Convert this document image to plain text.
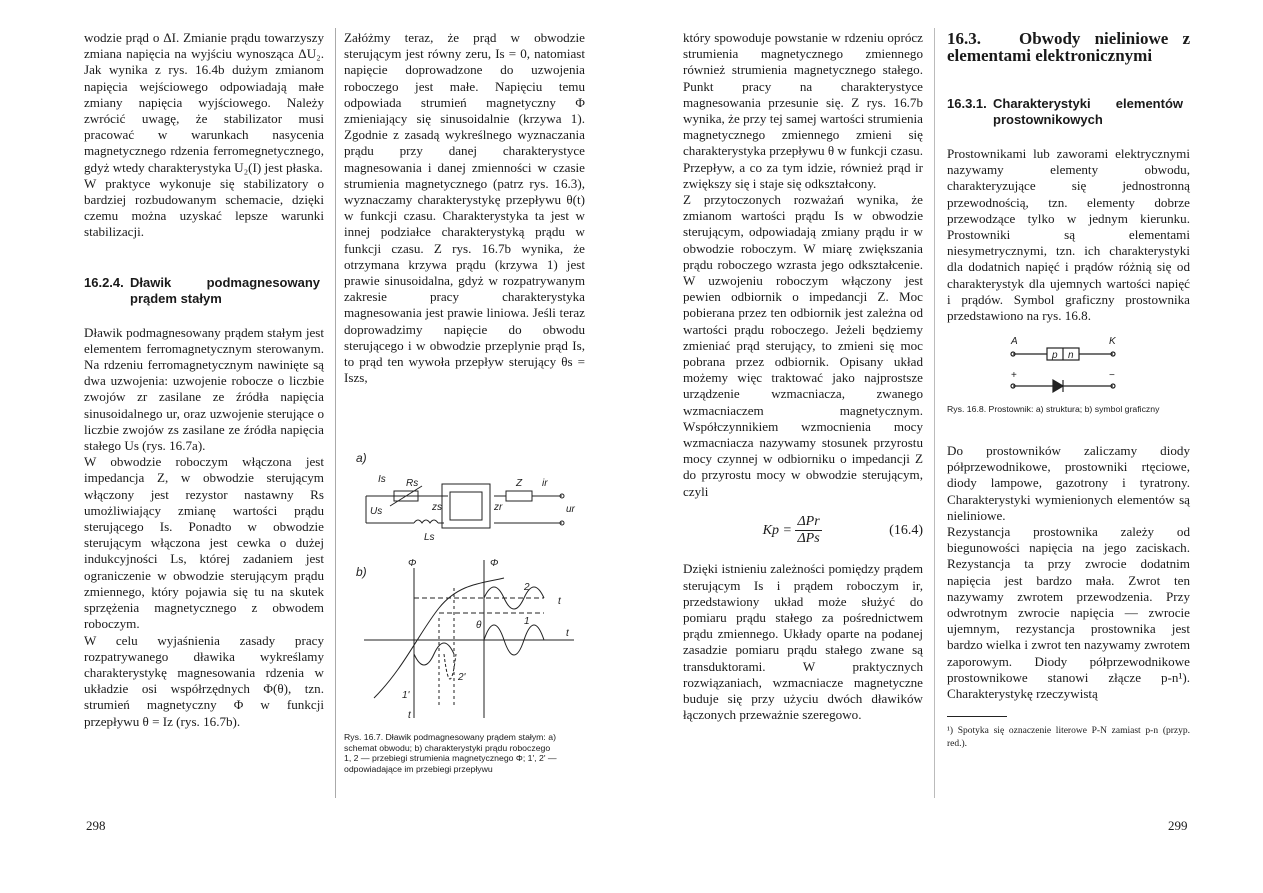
wodzie prąd o ΔI. Zmianie prądu towarzyszy zmiana napięcia na wyjściu wynosząca ΔU₂. Jak wynika z rys. 16.4b dużym zmianom napięcia wejściowego odpowiadają małe zmiany napięcia wyjściowego. Należy zwrócić uwagę, że stabilizator musi pracować w warunkach nasycenia magnetycznego rdzenia ferromegnetycznego, gdyż wtedy charakterystyka U₂(I) jest płaska.

W praktyce wykonuje się stabilizatory o bardziej rozbudowanym schemacie, dzięki czemu można uzyskać lepsze warunki stabilizacji.

16.2.4. Dławik podmagnesowany prądem stałym

Dławik podmagnesowany prądem stałym jest elementem ferromagnetycznym sterowanym. Na rdzeniu ferromagnetycznym nawinięte są dwa uzwojenia: uzwojenie robocze o liczbie zwojów zr zasilane ze źródła napięcia sinusoidalnego ur, oraz uzwojenie sterujące o liczbie zwojów zs zasilane ze źródła napięcia stałego Us (rys. 16.7a).

W obwodzie roboczym włączona jest impedancja Z, w obwodzie sterującym włączony jest rezystor nastawny Rs umożliwiający zmianę wartości prądu sterującego Is. Ponadto w obwodzie sterującym włączona jest cewka o dużej indukcyjności Ls, której zadaniem jest ograniczenie w obwodzie sterującym prądu zmiennego, który pojawia się tu na skutek sprzężenia magnetycznego z obwodem roboczym.

W celu wyjaśnienia zasady pracy rozpatrywanego dławika wykreślamy charakterystykę magnesowania rdzenia w układzie osi współrzędnych Φ(θ), tzn. strumień magnetyczny Φ w funkcji przepływu θ = Iz (rys. 16.7b).

Załóżmy teraz, że prąd w obwodzie sterującym jest równy zeru, Is = 0, natomiast napięcie doprowadzone do uzwojenia roboczego jest małe. Napięciu temu odpowiada strumień magnetyczny Φ zmieniający się sinusoidalnie (krzywa 1). Zgodnie z zasadą wykreślnego wyznaczania prądu przy danej charakterystyce magnesowania i danej zmienności w czasie strumienia magnetycznego (patrz rys. 16.3), wyznaczamy charakterystykę przepływu θ(t) w funkcji czasu. Charakterystyka ta jest w innej podziałce charakterystyką prądu w funkcji czasu. Z rys. 16.7b wynika, że otrzymana krzywa prądu (krzywa 1) jest prawie sinusoidalna, gdyż w rozpatrywanym zakresie pracy charakterystyka magnesowania jest prawie liniowa. Jeśli teraz doprowadzimy napięcie do obwodu sterującego i w obwodzie przeplynie prąd Is, to prąd ten wywoła przepływ sterujący θs = Iszs,

a)
b)
Is Rs	Z ir
Us	zs	zr	ur
Ls
Φ	Φ
θ
t
t
t
1
2
1'
2'
Rys. 16.7. Dławik podmagnesowany prądem stałym: a) schemat obwodu; b) charakterystyki prądu roboczego
1, 2 — przebiegi strumienia magnetycznego Φ; 1', 2' — odpowiadające im przebiegi przepływu
298

który spowoduje powstanie w rdzeniu oprócz strumienia magnetycznego zmiennego również strumienia magnetycznego stałego. Punkt pracy na charakterystyce magnesowania przesunie się. Z rys. 16.7b wynika, że przy tej samej wartości strumienia magnetycznego zmiennego zmieni się charakterystyka przepływu θ w funkcji czasu. Przepływ, a co za tym idzie, również prąd ir zwiększy się i staje się odkształcony.

Z przytoczonych rozważań wynika, że zmianom wartości prądu Is w obwodzie sterującym, odpowiadają zmiany prądu ir w obwodzie roboczym. W miarę zwiększania prądu roboczego wzrasta jego odkształcenie. W uzwojeniu roboczym włączony jest pewien odbiornik o impedancji Z. Moc pobierana przez ten odbiornik jest zależna od wartości prądu roboczego. Jeżeli będziemy zmieniać prąd sterujący, to zmieni się moc pobrana przez odbiornik. Opisany układ możemy więc traktować jako najprostsze urządzenie wzmacniacza, zwanego wzmacniaczem magnetycznym. Współczynnikiem wzmocnienia mocy wzmacniacza nazywamy stosunek przyrostu mocy czynnej w odbiorniku o impedancji Z do przyrostu mocy w obwodzie sterującym, czyli

$Kp = \frac{\text{ΔPr}}{\text{ΔPs}}$	(16.4)

Dzięki istnieniu zależności pomiędzy prądem sterującym Is i prądem roboczym ir, przedstawiony układ może służyć do pomiaru prądu stałego za pośrednictwem prądu zmiennego. Układy oparte na podanej zasadzie pomiaru prądu stałego zwane są transduktorami. W praktycznych rozwiązaniach, wzmacniacze magnetyczne buduje się przy użyciu dwóch dławików łączonych przeważnie szeregowo.

16.3. Obwody nieliniowe z elementami elektronicznymi
16.3.1. Charakterystyki elementów prostownikowych

Prostownikami lub zaworami elektrycznymi nazywamy elementy obwodu, charakteryzujące się jednostronną przewodnością, tzn. elementy dobrze przewodzące tylko w jednym kierunku. Prostowniki są elementami niesymetrycznymi, tzn. ich charakterystyki dla dodatnich napięć i prądów różnią się od charakterystyk dla ujemnych wartości napięć i prądów. Symbol graficzny prostownika przedstawiono na rys. 16.8.

A	K
p n
+	−
Rys. 16.8. Prostownik: a) struktura; b) symbol graficzny

Do prostowników zaliczamy diody półprzewodnikowe, prostowniki rtęciowe, diody lampowe, gazotrony i tyratrony. Charakterystyki wymienionych elementów są nieliniowe.

Rezystancja prostownika zależy od biegunowości napięcia na jego zaciskach. Rezystancja ta przy zwrocie dodatnim napięcia jest bardzo mała. Zwrot ten nazywamy zwrotem przewodzenia. Przy odwrotnym zwrocie napięcia — zwrocie ujemnym, rezystancja prostownika jest bardzo wielka i zwrot ten nazywamy zwrotem zaporowym. Diody półprzewodnikowe prostownikowe stanowi złącze p-n¹). Charakterystykę rzeczywistą

¹) Spotyka się oznaczenie literowe P-N zamiast p-n (przyp. red.).
299
